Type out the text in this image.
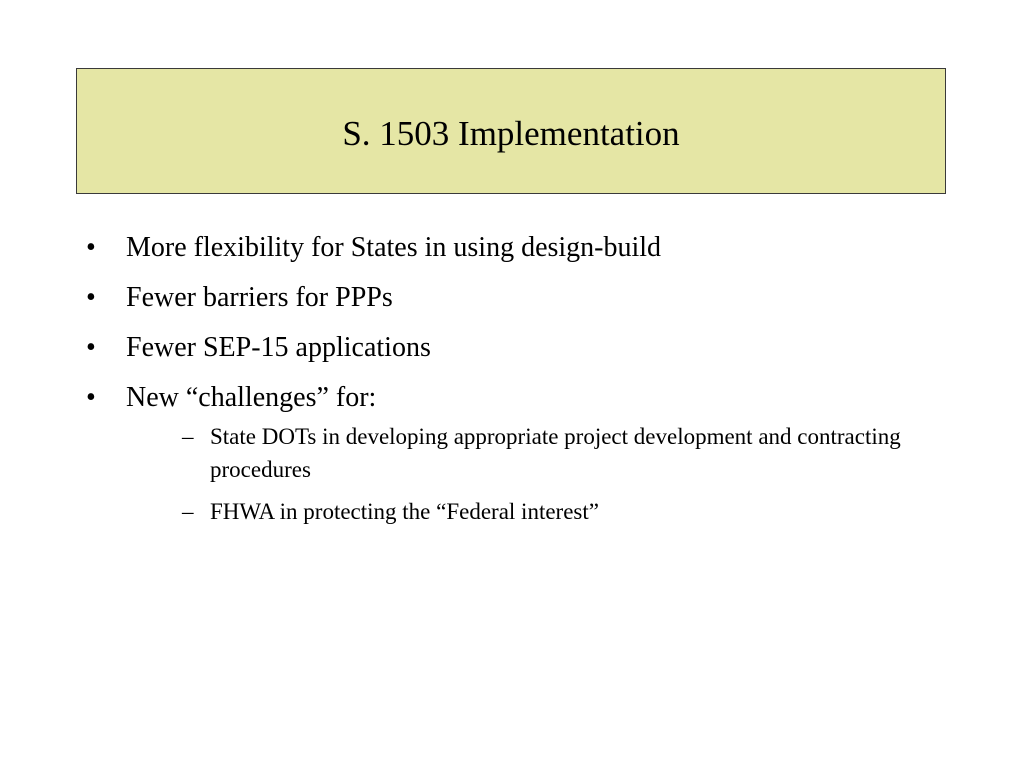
S. 1503 Implementation
•	More flexibility for States in using design-build
•	Fewer barriers for PPPs
•	Fewer SEP-15 applications
•	New “challenges” for:
– State DOTs in developing appropriate project development and contracting procedures
– FHWA in protecting the “Federal interest”
